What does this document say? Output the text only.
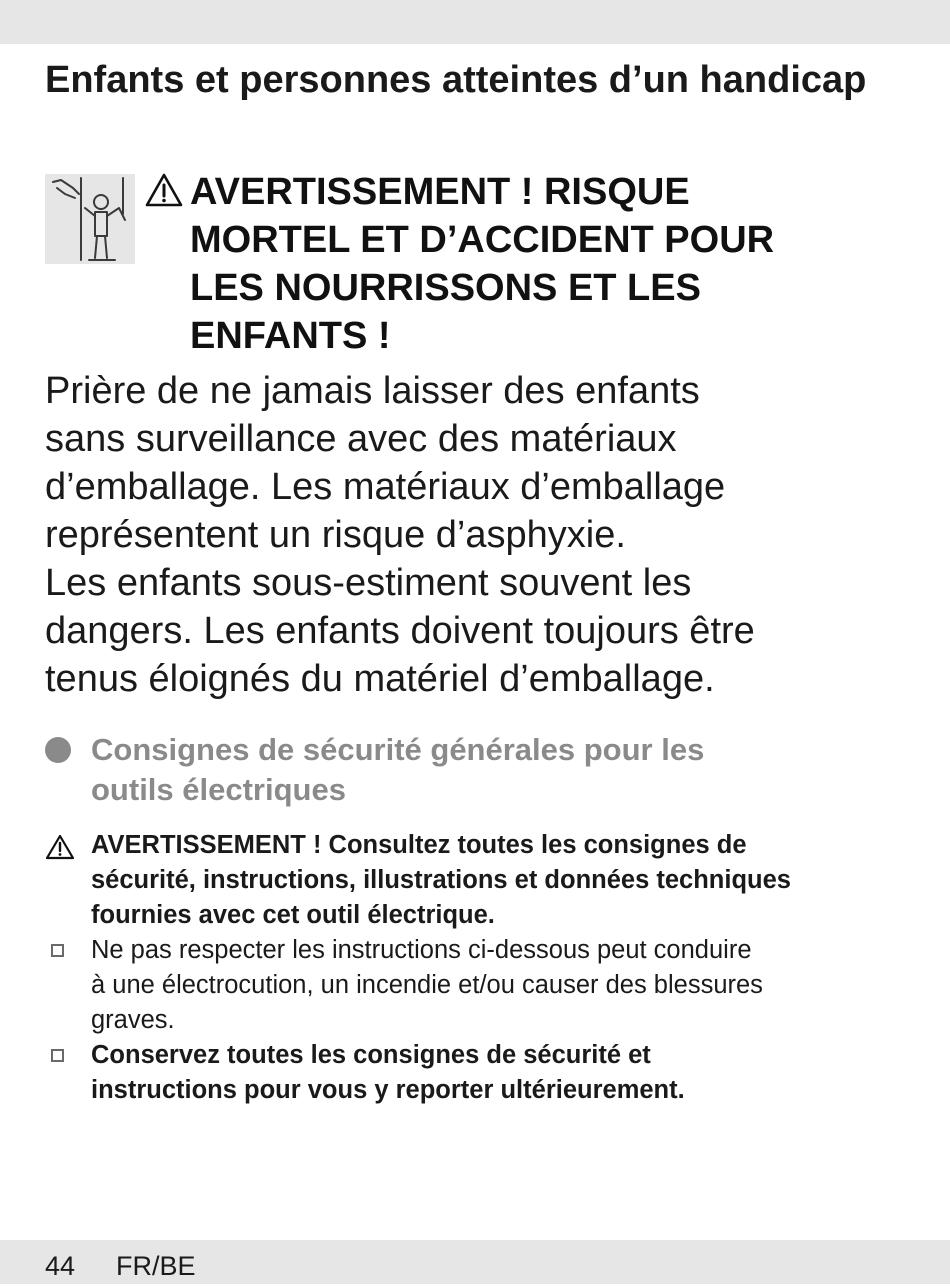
Enfants et personnes atteintes d’un handicap
AVERTISSEMENT ! RISQUE
MORTEL ET D’ACCIDENT POUR
LES NOURRISSONS ET LES
ENFANTS !

Prière de ne jamais laisser des enfants
sans surveillance avec des matériaux
d’emballage. Les matériaux d’emballage
représentent un risque d’asphyxie.
Les enfants sous-estiment souvent les
dangers. Les enfants doivent toujours être
tenus éloignés du matériel d’emballage.

Consignes de sécurité générales pour les
outils électriques
AVERTISSEMENT ! Consultez toutes les consignes de
sécurité, instructions, illustrations et données techniques
fournies avec cet outil électrique.
Ne pas respecter les instructions ci-dessous peut conduire
à une électrocution, un incendie et/ou causer des blessures
graves.
Conservez toutes les consignes de sécurité et
instructions pour vous y reporter ultérieurement.
44 FR/BE
